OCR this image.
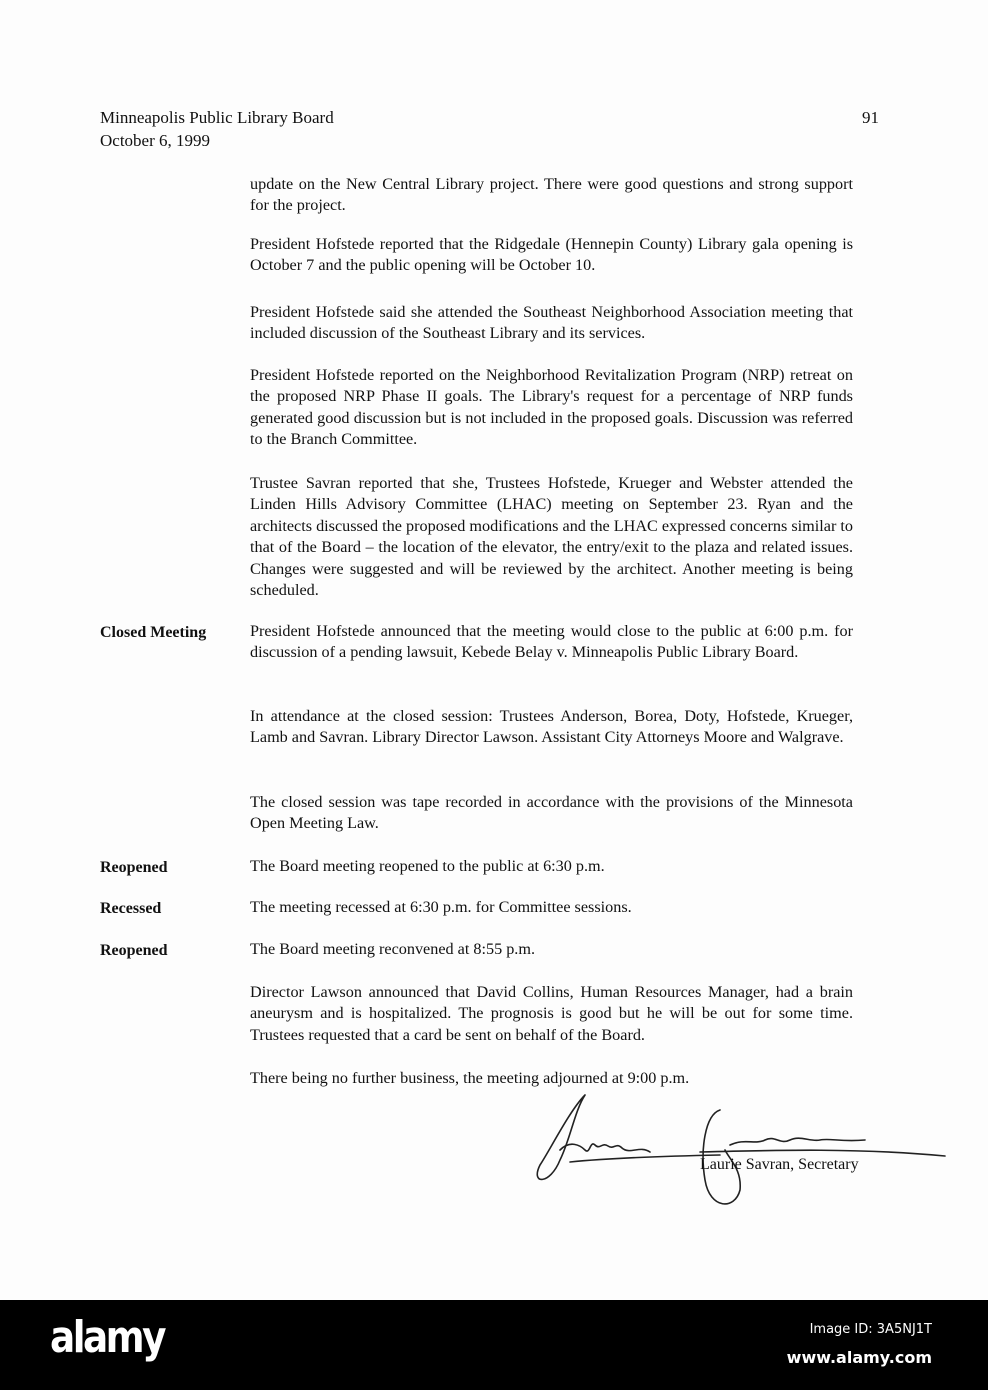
Minneapolis Public Library Board
October 6, 1999
91

update on the New Central Library project. There were good questions and strong support for the project.

President Hofstede reported that the Ridgedale (Hennepin County) Library gala opening is October 7 and the public opening will be October 10.

President Hofstede said she attended the Southeast Neighborhood Association meeting that included discussion of the Southeast Library and its services.

President Hofstede reported on the Neighborhood Revitalization Program (NRP) retreat on the proposed NRP Phase II goals. The Library's request for a percentage of NRP funds generated good discussion but is not included in the proposed goals. Discussion was referred to the Branch Committee.

Trustee Savran reported that she, Trustees Hofstede, Krueger and Webster attended the Linden Hills Advisory Committee (LHAC) meeting on September 23. Ryan and the architects discussed the proposed modifications and the LHAC expressed concerns similar to that of the Board – the location of the elevator, the entry/exit to the plaza and related issues. Changes were suggested and will be reviewed by the architect. Another meeting is being scheduled.

Closed Meeting	President Hofstede announced that the meeting would close to the public at 6:00 p.m. for discussion of a pending lawsuit, Kebede Belay v. Minneapolis Public Library Board.

In attendance at the closed session: Trustees Anderson, Borea, Doty, Hofstede, Krueger, Lamb and Savran. Library Director Lawson. Assistant City Attorneys Moore and Walgrave.

The closed session was tape recorded in accordance with the provisions of the Minnesota Open Meeting Law.

Reopened	The Board meeting reopened to the public at 6:30 p.m.

Recessed	The meeting recessed at 6:30 p.m. for Committee sessions.

Reopened	The Board meeting reconvened at 8:55 p.m.

Director Lawson announced that David Collins, Human Resources Manager, had a brain aneurysm and is hospitalized. The prognosis is good but he will be out for some time. Trustees requested that a card be sent on behalf of the Board.

There being no further business, the meeting adjourned at 9:00 p.m.

Laurie Savran, Secretary
alamy	Image ID: 3A5NJ1T
www.alamy.com
